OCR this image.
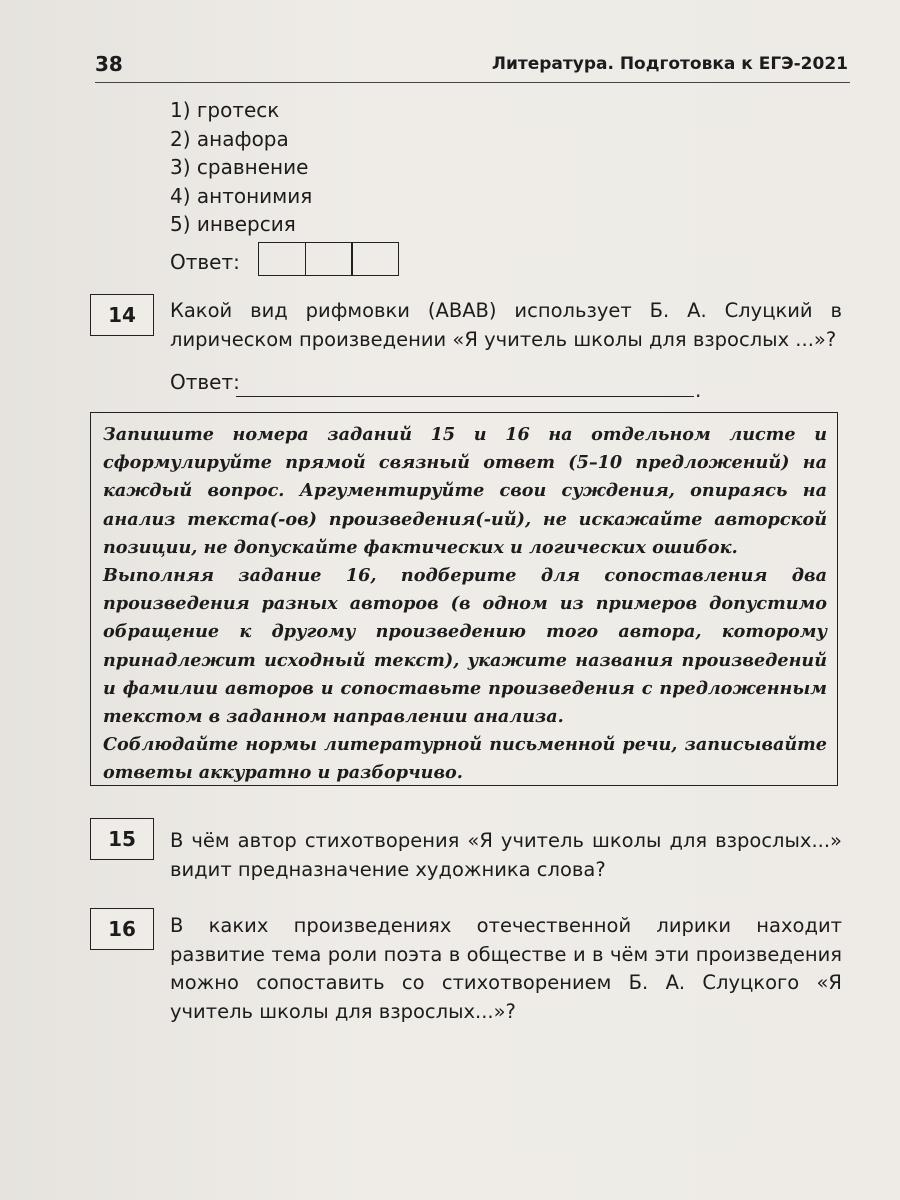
38	Литература. Подготовка к ЕГЭ-2021
1) гротеск
2) анафора
3) сравнение
4) антонимия
5) инверсия
Ответ:
14	Какой вид рифмовки (АВАВ) использует Б. А. Слуцкий в лирическом произведении «Я учитель школы для взрослых ...»?
Ответ:	.

Запишите номера заданий 15 и 16 на отдельном листе и сформулируйте прямой связный ответ (5–10 предложений) на каждый вопрос. Аргументируйте свои суждения, опираясь на анализ текста(-ов) произведения(-ий), не искажайте авторской позиции, не допускайте фактических и логических ошибок.

Выполняя задание 16, подберите для сопоставления два произведения разных авторов (в одном из примеров допустимо обращение к другому произведению того автора, которому принадлежит исходный текст), укажите названия произведений и фамилии авторов и сопоставьте произведения с предложенным текстом в заданном направлении анализа.

Соблюдайте нормы литературной письменной речи, записывайте ответы аккуратно и разборчиво.

15	В чём автор стихотворения «Я учитель школы для взрослых...» видит предназначение художника слова?
16	В каких произведениях отечественной лирики находит развитие тема роли поэта в обществе и в чём эти произведения можно сопоставить со стихотворением Б. А. Слуцкого «Я учитель школы для взрослых...»?
